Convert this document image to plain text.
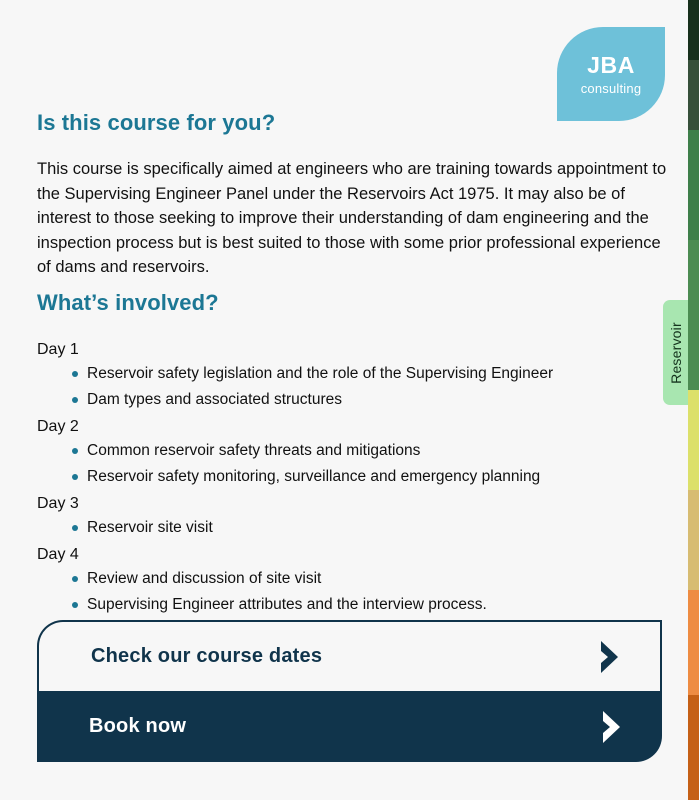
JBA
consulting
Is this course for you?

This course is specifically aimed at engineers who are training towards appointment to the Supervising Engineer Panel under the Reservoirs Act 1975. It may also be of interest to those seeking to improve their understanding of dam engineering and the inspection process but is best suited to those with some prior professional experience of dams and reservoirs.

What’s involved?
Day 1
Reservoir safety legislation and the role of the Supervising Engineer
Dam types and associated structures
Day 2
Common reservoir safety threats and mitigations
Reservoir safety monitoring, surveillance and emergency planning
Day 3
Reservoir site visit
Day 4
Review and discussion of site visit
Supervising Engineer attributes and the interview process.
Check our course dates
Book now
Reservoir
